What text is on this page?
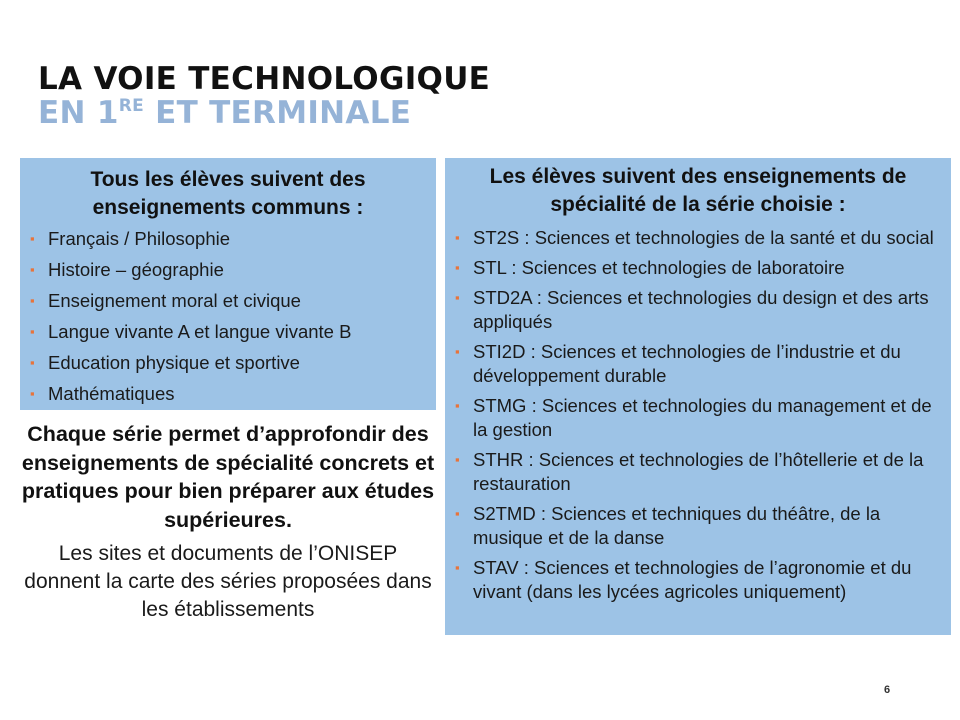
LA VOIE TECHNOLOGIQUE
EN 1RE ET TERMINALE
Tous les élèves suivent des enseignements communs :
▪ Français / Philosophie
▪ Histoire – géographie
▪ Enseignement moral et civique
▪ Langue vivante A et langue vivante B
▪ Education physique et sportive
▪ Mathématiques

Chaque série permet d’approfondir des enseignements de spécialité concrets et pratiques pour bien préparer aux études supérieures.

Les sites et documents de l’ONISEP donnent la carte des séries proposées dans les établissements

Les élèves suivent des enseignements de spécialité de la série choisie :
▪ ST2S : Sciences et technologies de la santé et du social
▪ STL : Sciences et technologies de laboratoire
▪ STD2A : Sciences et technologies du design et des arts appliqués
▪ STI2D : Sciences et technologies de l’industrie et du développement durable
▪ STMG : Sciences et technologies du management et de la gestion
▪ STHR : Sciences et technologies de l’hôtellerie et de la restauration
▪ S2TMD : Sciences et techniques du théâtre, de la musique et de la danse
▪ STAV : Sciences et technologies de l’agronomie et du vivant (dans les lycées agricoles uniquement)
6
